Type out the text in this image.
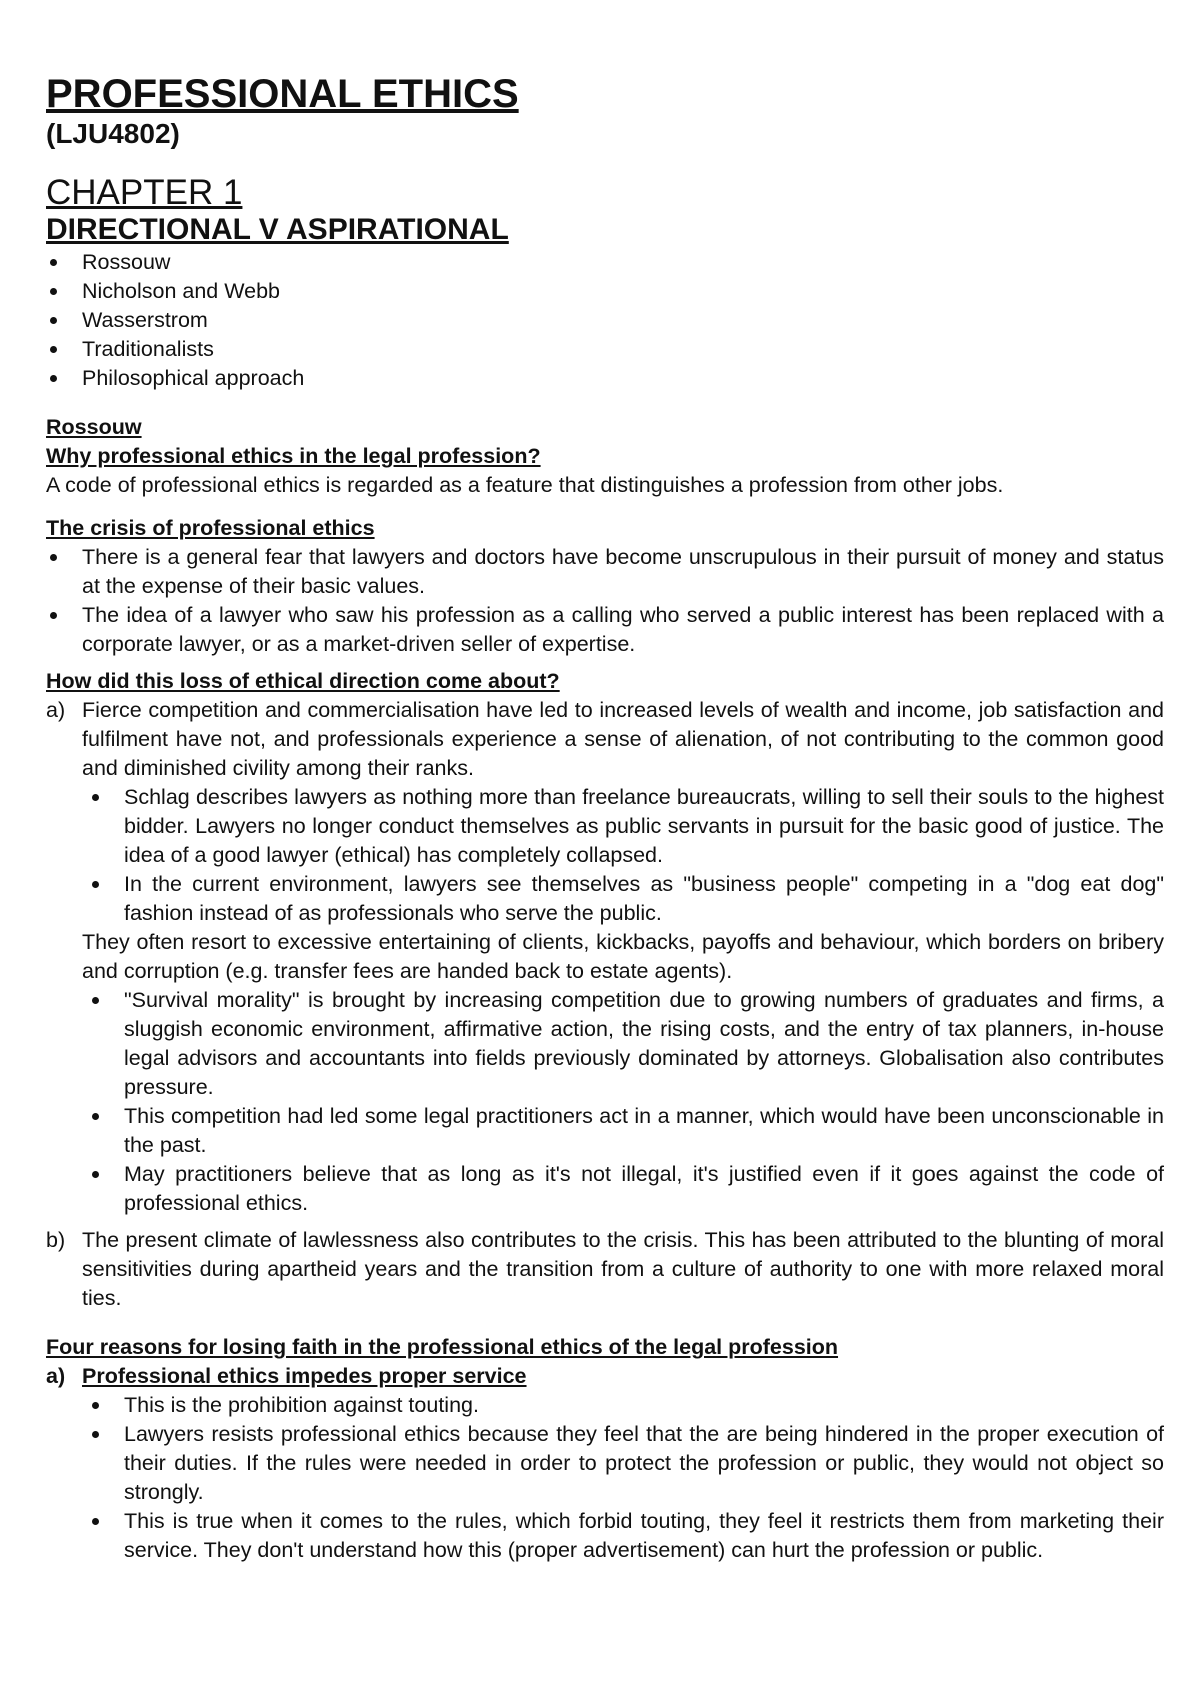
PROFESSIONAL ETHICS

(LJU4802)

CHAPTER 1

DIRECTIONAL V ASPIRATIONAL

Rossouw
Nicholson and Webb
Wasserstrom
Traditionalists
Philosophical approach

Rossouw

Why professional ethics in the legal profession?

A code of professional ethics is regarded as a feature that distinguishes a profession from other jobs.

The crisis of professional ethics

There is a general fear that lawyers and doctors have become unscrupulous in their pursuit of money and status at the expense of their basic values.
The idea of a lawyer who saw his profession as a calling who served a public interest has been replaced with a corporate lawyer, or as a market-driven seller of expertise.

How did this loss of ethical direction come about?

a) Fierce competition and commercialisation have led to increased levels of wealth and income, job satisfaction and fulfilment have not, and professionals experience a sense of alienation, of not contributing to the common good and diminished civility among their ranks.
Schlag describes lawyers as nothing more than freelance bureaucrats, willing to sell their souls to the highest bidder. Lawyers no longer conduct themselves as public servants in pursuit for the basic good of justice. The idea of a good lawyer (ethical) has completely collapsed.
In the current environment, lawyers see themselves as "business people" competing in a "dog eat dog" fashion instead of as professionals who serve the public.

They often resort to excessive entertaining of clients, kickbacks, payoffs and behaviour, which borders on bribery and corruption (e.g. transfer fees are handed back to estate agents).

"Survival morality" is brought by increasing competition due to growing numbers of graduates and firms, a sluggish economic environment, affirmative action, the rising costs, and the entry of tax planners, in-house legal advisors and accountants into fields previously dominated by attorneys. Globalisation also contributes pressure.
This competition had led some legal practitioners act in a manner, which would have been unconscionable in the past.
May practitioners believe that as long as it's not illegal, it's justified even if it goes against the code of professional ethics.
b) The present climate of lawlessness also contributes to the crisis. This has been attributed to the blunting of moral sensitivities during apartheid years and the transition from a culture of authority to one with more relaxed moral ties.

Four reasons for losing faith in the professional ethics of the legal profession

a) Professional ethics impedes proper service
This is the prohibition against touting.
Lawyers resists professional ethics because they feel that the are being hindered in the proper execution of their duties. If the rules were needed in order to protect the profession or public, they would not object so strongly.
This is true when it comes to the rules, which forbid touting, they feel it restricts them from marketing their service. They don't understand how this (proper advertisement) can hurt the profession or public.
